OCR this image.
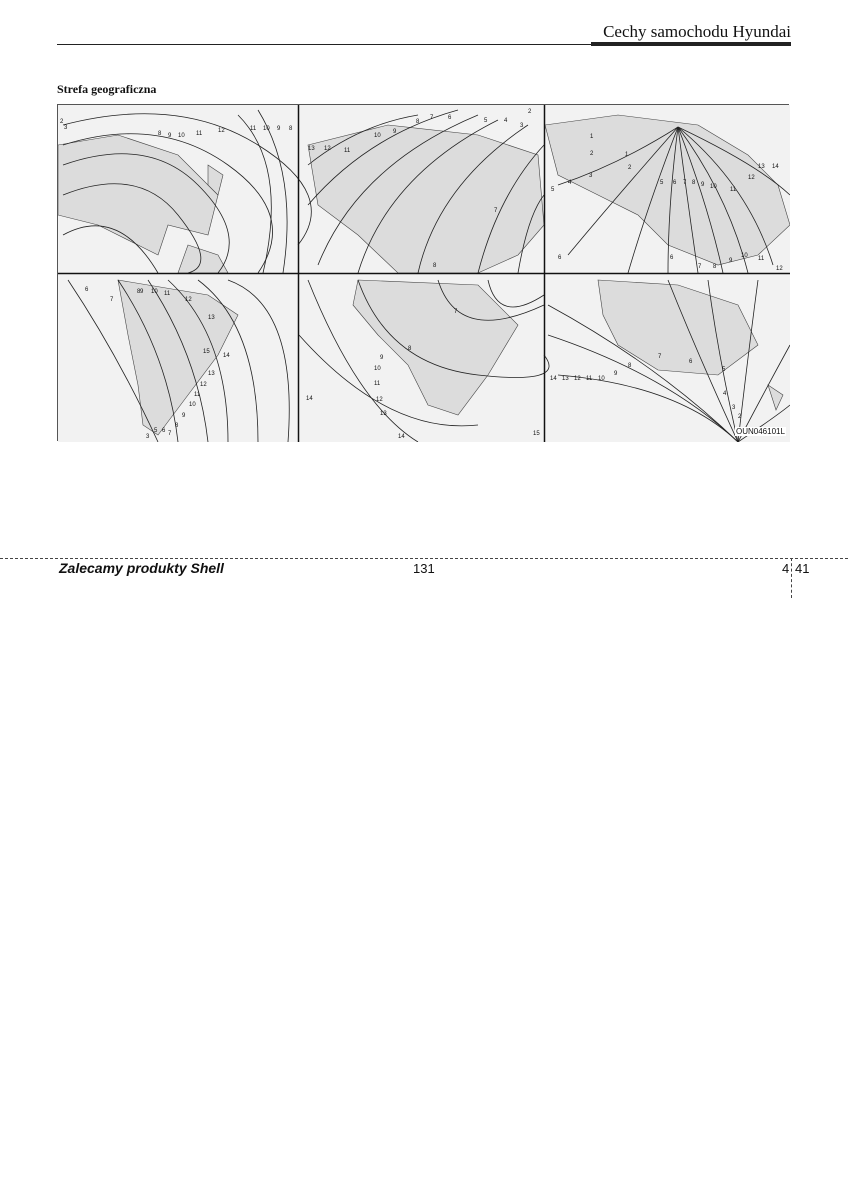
Cechy samochodu Hyundai
Strefa geograficzna
2
3
8 9 10 11	12	11 10 9 8
13 12 11
10
9
8
7 6	5	4
3
2
7
8
1
2	1
2
3
4
5
5 6 7 8 9 10 11
12
13 14
6	6
7 8
9
10 11
12
6
7
8 9 10 11
12
13
15
14
13
12
11
10
9
8
7
6
5
3
8
7
9
10
11
12
13
14
14	15
14 13 12 11 10
9
8
7
6
5
4
3
2
OUN046101L
Zalecamy produkty Shell	131	4 41
